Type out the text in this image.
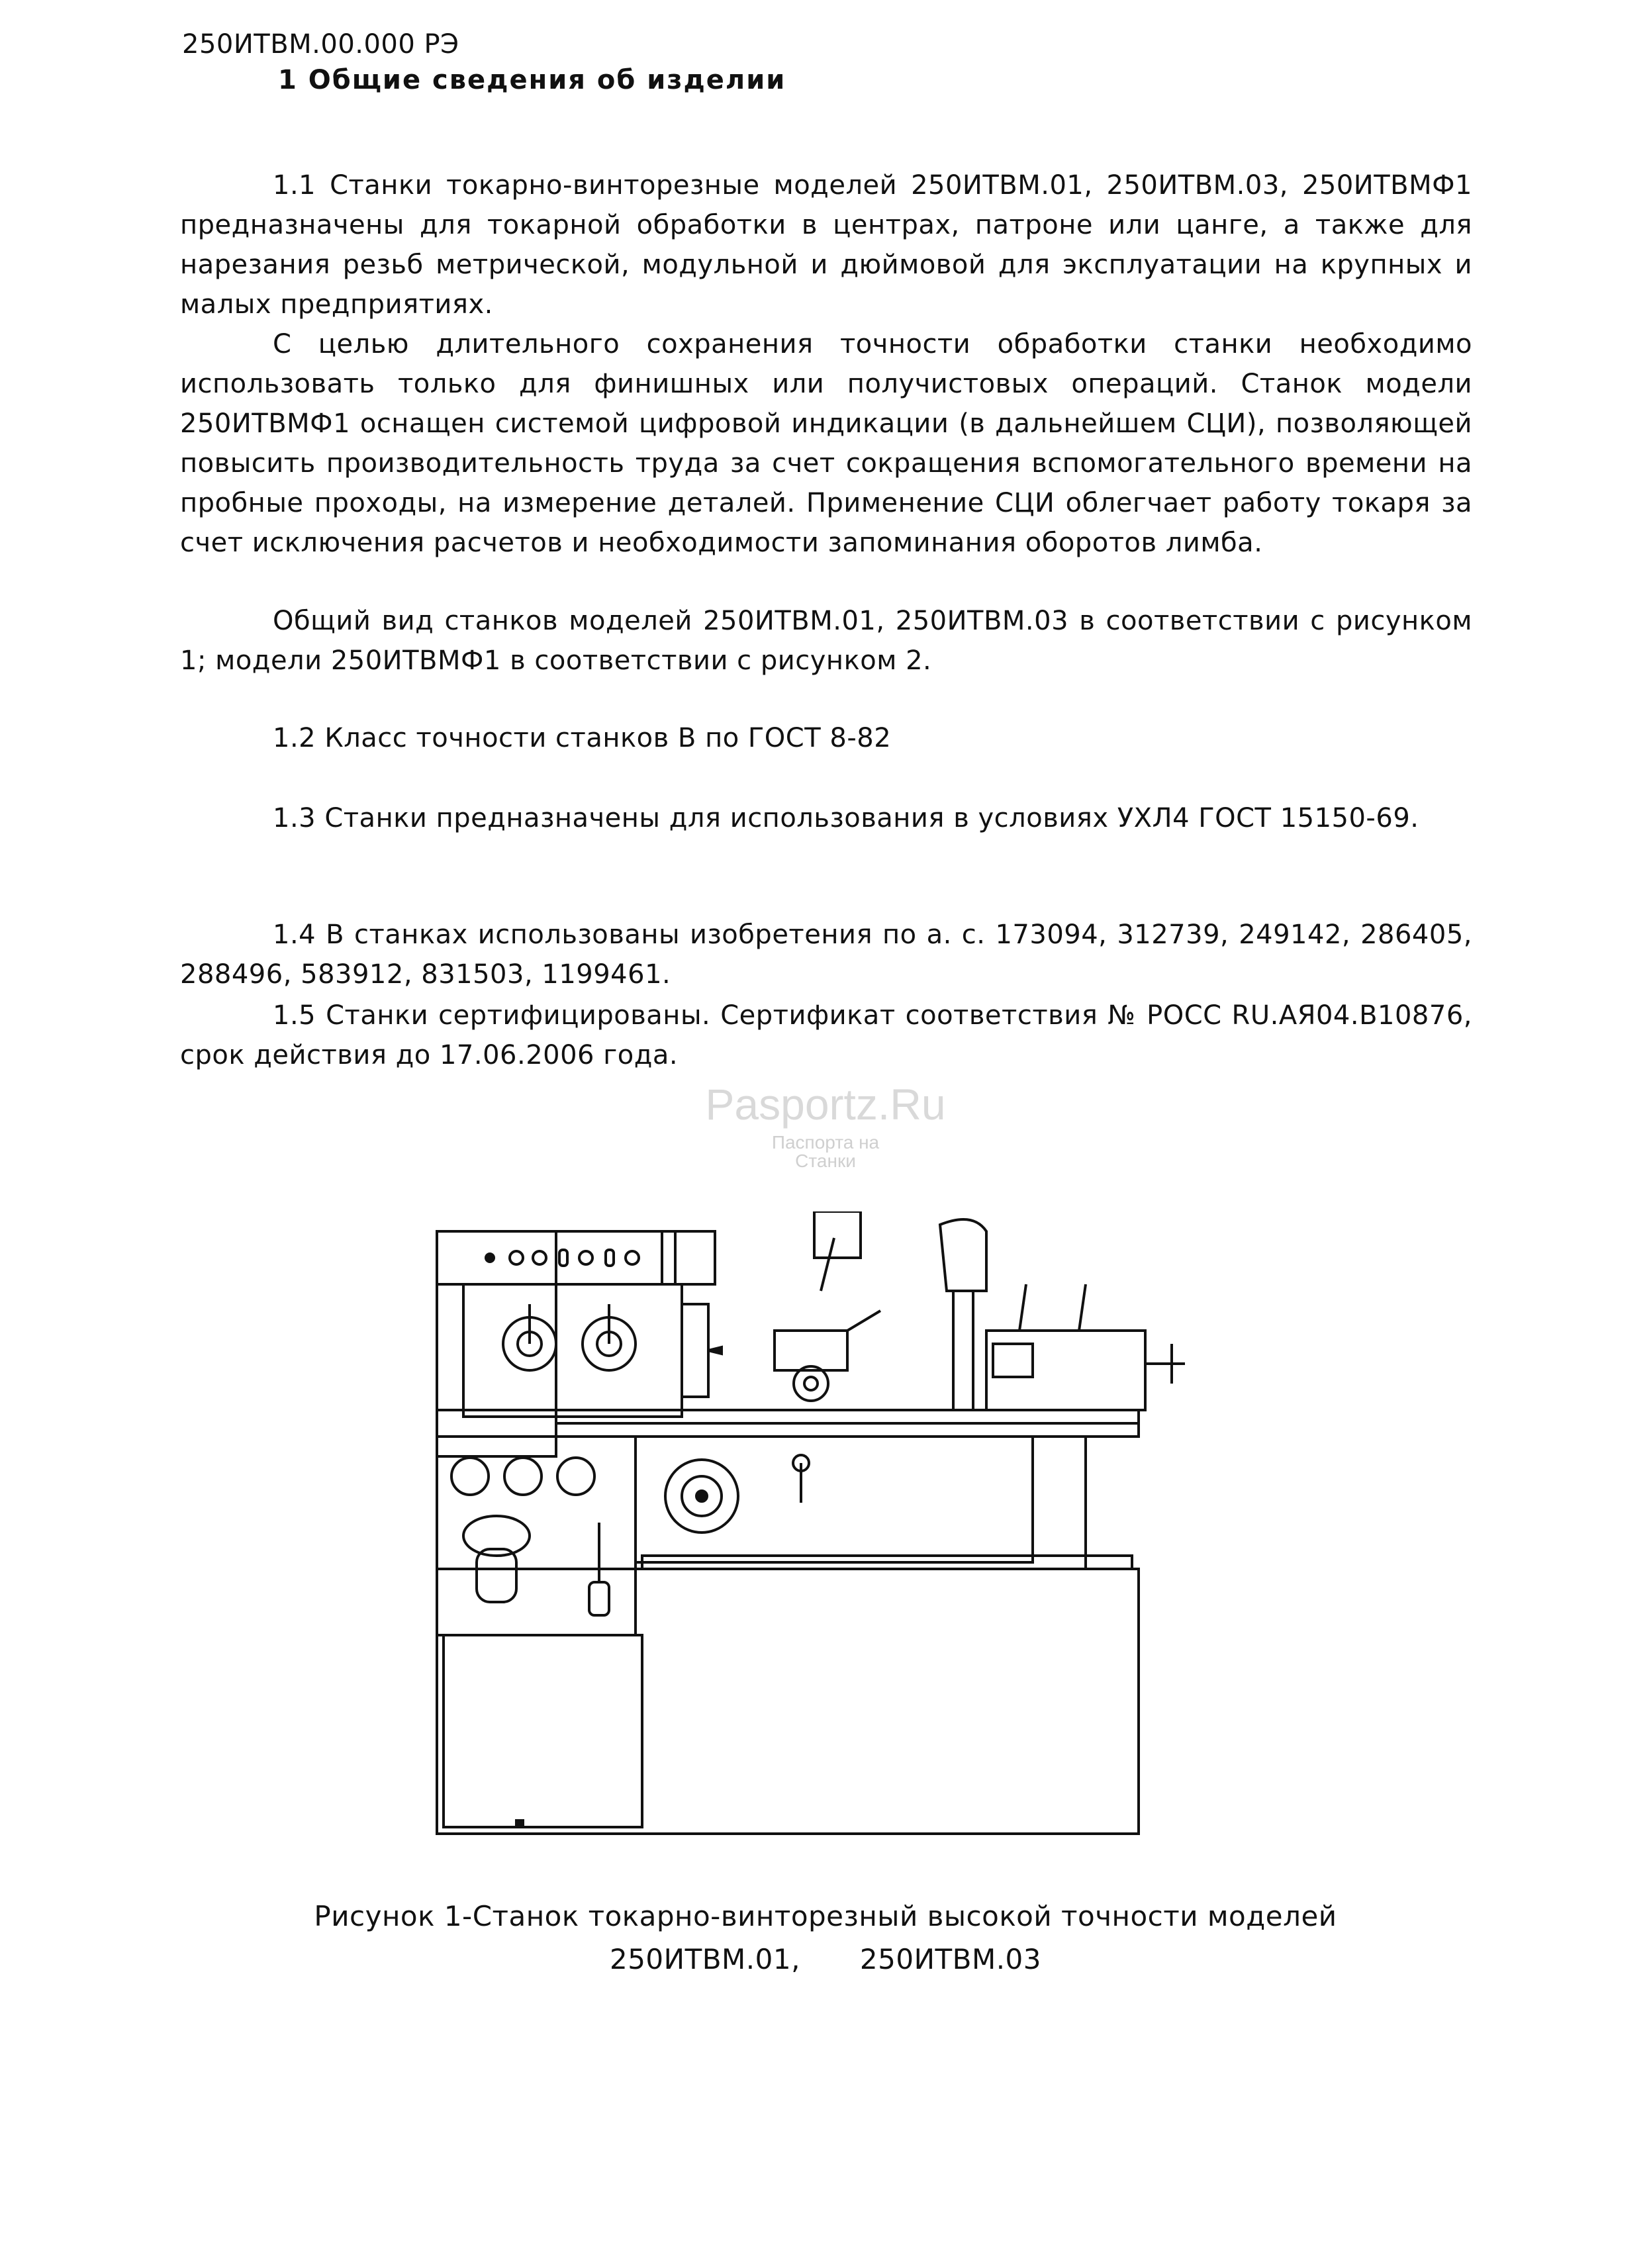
250ИТВМ.00.000 РЭ
1 Общие сведения об изделии
1.1 Станки токарно-винторезные моделей 250ИТВМ.01, 250ИТВМ.03, 250ИТВМФ1 предназначены для токарной обработки в центрах, патроне или цанге, а также для нарезания резьб метрической, модульной и дюймовой для эксплуатации на крупных и малых предприятиях.
С целью длительного сохранения точности обработки станки необходимо использовать только для финишных или получистовых операций. Станок модели 250ИТВМФ1 оснащен системой цифровой индикации (в дальнейшем СЦИ), позволяющей повысить производительность труда за счет сокращения вспомогательного времени на пробные проходы, на измерение деталей. Применение СЦИ облегчает работу токаря за счет исключения расчетов и необходимости запоминания оборотов лимба.
Общий вид станков моделей 250ИТВМ.01, 250ИТВМ.03 в соответствии с рисунком 1; модели 250ИТВМФ1 в соответствии с рисунком 2.
1.2 Класс точности станков В по ГОСТ 8-82
1.3 Станки предназначены для использования в условиях УХЛ4 ГОСТ 15150-69.
1.4 В станках использованы изобретения по а. с. 173094, 312739, 249142, 286405, 288496, 583912, 831503, 1199461.
1.5 Станки сертифицированы. Сертификат соответствия № РОСС RU.АЯ04.В10876, срок действия до 17.06.2006 года.
Pasportz.Ru
Паспорта на
Станки
Рисунок 1-Станок токарно-винторезный высокой точности моделей
250ИТВМ.01, 250ИТВМ.03
